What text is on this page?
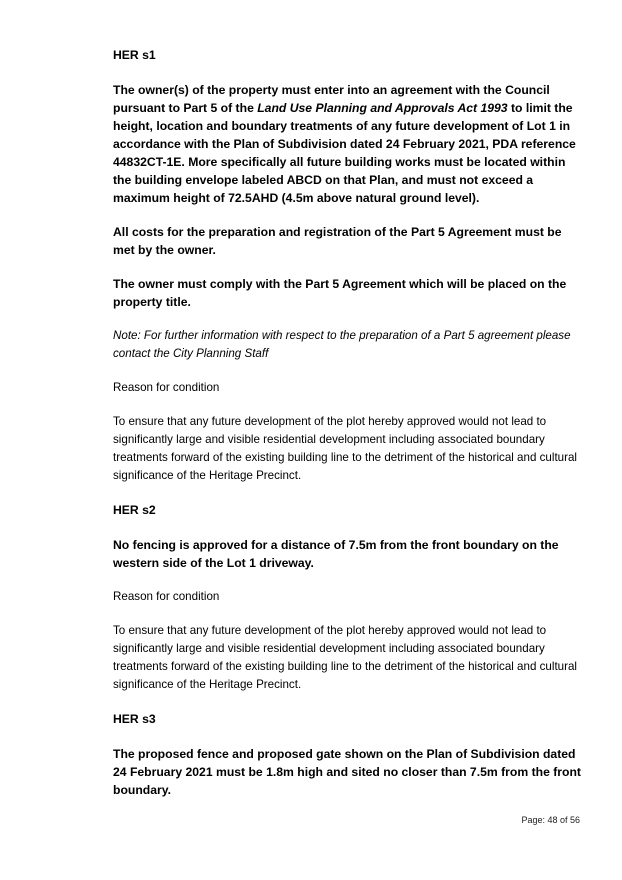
HER s1
The owner(s) of the property must enter into an agreement with the Council pursuant to Part 5 of the Land Use Planning and Approvals Act 1993 to limit the height, location and boundary treatments of any future development of Lot 1 in accordance with the Plan of Subdivision dated 24 February 2021, PDA reference 44832CT-1E. More specifically all future building works must be located within the building envelope labeled ABCD on that Plan, and must not exceed a maximum height of 72.5AHD (4.5m above natural ground level).
All costs for the preparation and registration of the Part 5 Agreement must be met by the owner.
The owner must comply with the Part 5 Agreement which will be placed on the property title.
Note: For further information with respect to the preparation of a Part 5 agreement please contact the City Planning Staff
Reason for condition
To ensure that any future development of the plot hereby approved would not lead to significantly large and visible residential development including associated boundary treatments forward of the existing building line to the detriment of the historical and cultural significance of the Heritage Precinct.
HER s2
No fencing is approved for a distance of 7.5m from the front boundary on the western side of the Lot 1 driveway.
Reason for condition
To ensure that any future development of the plot hereby approved would not lead to significantly large and visible residential development including associated boundary treatments forward of the existing building line to the detriment of the historical and cultural significance of the Heritage Precinct.
HER s3
The proposed fence and proposed gate shown on the Plan of Subdivision dated 24 February 2021 must be 1.8m high and sited no closer than 7.5m from the front boundary.
Page: 48 of 56
